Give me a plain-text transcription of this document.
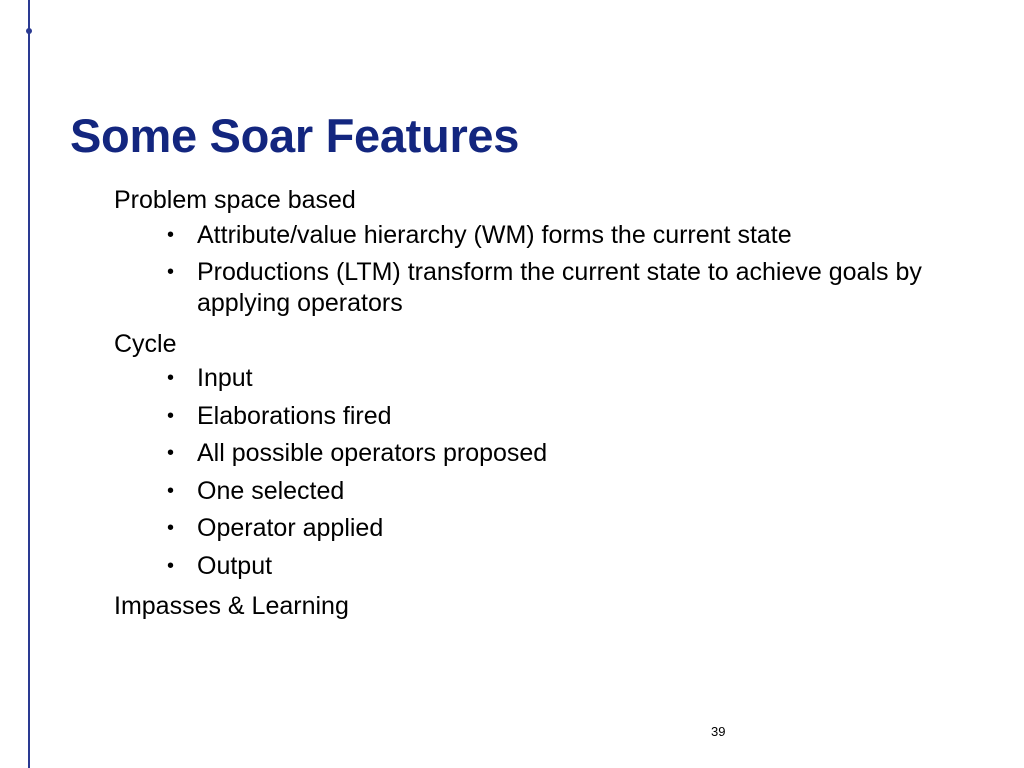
Some Soar Features
Problem space based
• Attribute/value hierarchy (WM) forms the current state
• Productions (LTM) transform the current state to achieve goals by applying operators
Cycle
• Input
• Elaborations fired
• All possible operators proposed
• One selected
• Operator applied
• Output
Impasses & Learning
39
